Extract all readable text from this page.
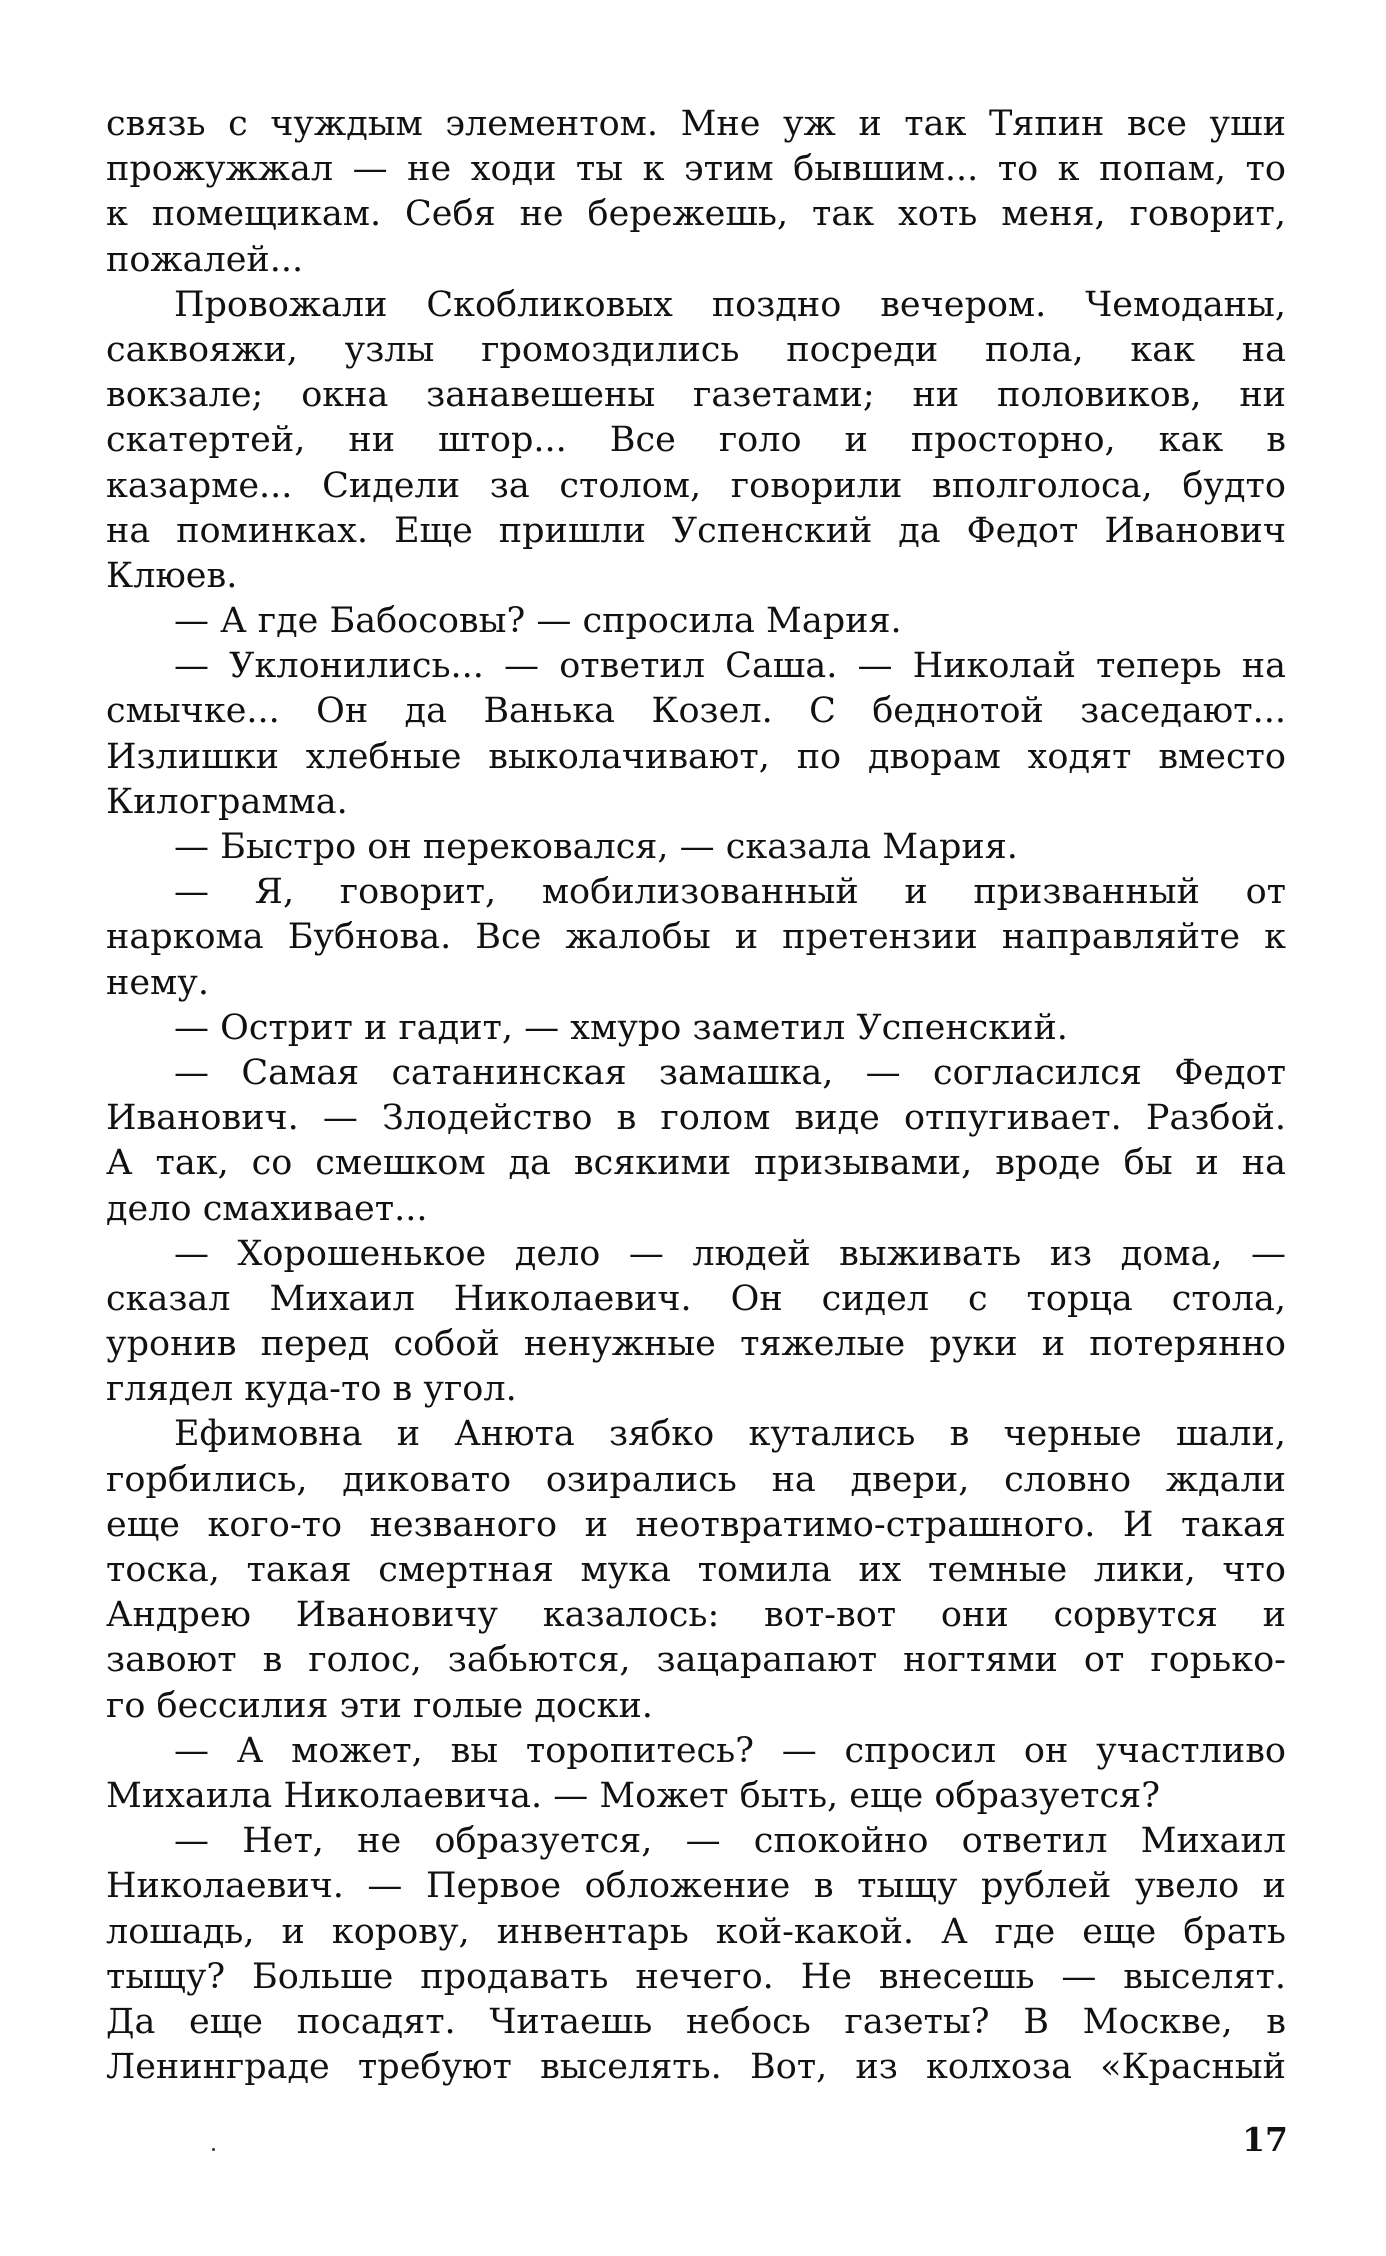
связь с чуждым элементом. Мне уж и так Тяпин все уши
прожужжал — не ходи ты к этим бывшим... то к попам, то
к помещикам. Себя не бережешь, так хоть меня, говорит,
пожалей...
Провожали Скобликовых поздно вечером. Чемоданы,
саквояжи, узлы громоздились посреди пола, как на
вокзале; окна занавешены газетами; ни половиков, ни
скатертей, ни штор... Все голо и просторно, как в
казарме... Сидели за столом, говорили вполголоса, будто
на поминках. Еще пришли Успенский да Федот Иванович
Клюев.
— А где Бабосовы? — спросила Мария.
— Уклонились... — ответил Саша. — Николай теперь на
смычке... Он да Ванька Козел. С беднотой заседают...
Излишки хлебные выколачивают, по дворам ходят вместо
Килограмма.
— Быстро он перековался, — сказала Мария.
— Я, говорит, мобилизованный и призванный от
наркома Бубнова. Все жалобы и претензии направляйте к
нему.
— Острит и гадит, — хмуро заметил Успенский.
— Самая сатанинская замашка, — согласился Федот
Иванович. — Злодейство в голом виде отпугивает. Разбой.
А так, со смешком да всякими призывами, вроде бы и на
дело смахивает...
— Хорошенькое дело — людей выживать из дома, —
сказал Михаил Николаевич. Он сидел с торца стола,
уронив перед собой ненужные тяжелые руки и потерянно
глядел куда-то в угол.
Ефимовна и Анюта зябко кутались в черные шали,
горбились, диковато озирались на двери, словно ждали
еще кого-то незваного и неотвратимо-страшного. И такая
тоска, такая смертная мука томила их темные лики, что
Андрею Ивановичу казалось: вот-вот они сорвутся и
завоют в голос, забьются, зацарапают ногтями от горько-
го бессилия эти голые доски.
— А может, вы торопитесь? — спросил он участливо
Михаила Николаевича. — Может быть, еще образуется?
— Нет, не образуется, — спокойно ответил Михаил
Николаевич. — Первое обложение в тыщу рублей увело и
лошадь, и корову, инвентарь кой-какой. А где еще брать
тыщу? Больше продавать нечего. Не внесешь — выселят.
Да еще посадят. Читаешь небось газеты? В Москве, в
Ленинграде требуют выселять. Вот, из колхоза «Красный
17
